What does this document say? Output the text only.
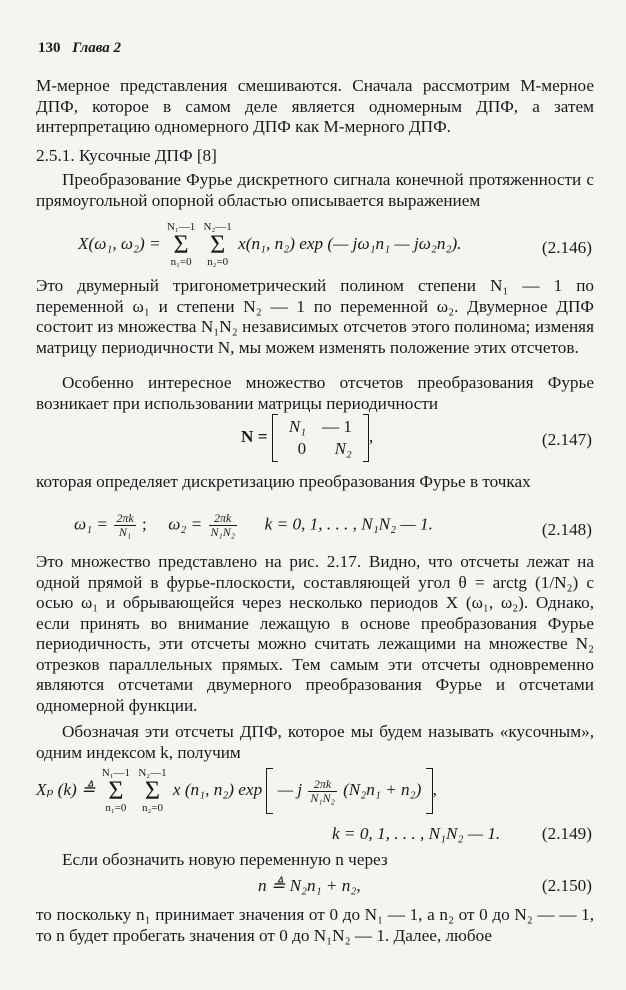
130 Глава 2

М-мерное представления смешиваются. Сначала рассмотрим М-мерное ДПФ, которое в самом деле является одномерным ДПФ, а затем интерпретацию одномерного ДПФ как М-мерного ДПФ.

2.5.1. Кусочные ДПФ [8]

Преобразование Фурье дискретного сигнала конечной протяженности с прямоугольной опорной областью описывается выражением

X(ω₁, ω₂) = N₁—1
Σ
n₁=0 N₂—1
Σ
n₂=0 x(n₁, n₂) exp (— jω₁n₁ — jω₂n₂).	(2.146)

Это двумерный тригонометрический полином степени N₁ — 1 по переменной ω₁ и степени N₂ — 1 по переменной ω₂. Двумерное ДПФ состоит из множества N₁N₂ независимых отсчетов этого полинома; изменяя матрицу периодичности N, мы можем изменять положение этих отсчетов.

Особенно интересное множество отсчетов преобразования Фурье возникает при использовании матрицы периодичности

N =
N₁	— 1
0	N₂
,	(2.147)

которая определяет дискретизацию преобразования Фурье в точках

$\omega_1 = \frac{2\pi k}{\text{N₁}}$ ; $\omega_2 = \frac{2\pi k}{\text{N₁N₂}}$ k = 0, 1, . . . , N₁N₂ — 1.	(2.148)

Это множество представлено на рис. 2.17. Видно, что отсчеты лежат на одной прямой в фурье-плоскости, составляющей угол θ = arctg (1/N₂) с осью ω₁ и обрывающейся через несколько периодов X (ω₁, ω₂). Однако, если принять во внимание лежащую в основе преобразования Фурье периодичность, эти отсчеты можно считать лежащими на множестве N₂ отрезков параллельных прямых. Тем самым эти отсчеты одновременно являются отсчетами двумерного преобразования Фурье и отсчетами одномерной функции.

Обозначая эти отсчеты ДПФ, которое мы будем называть «кусочным», одним индексом k, получим

Xₚ (k) ≜ N₁—1
Σ
n₁=0 N₂—1
Σ
n₂=0 x (n₁, n₂) exp — j $\frac{2\pi k}{\text{N₁N₂}} (N_2n_1 + n_2)$ ,
k = 0, 1, . . . , N₁N₂ — 1. (2.149)

Если обозначить новую переменную n через

n ≜ N₂n₁ + n₂,	(2.150)

то поскольку n₁ принимает значения от 0 до N₁ — 1, а n₂ от 0 до N₂ — — 1, то n будет пробегать значения от 0 до N₁N₂ — 1. Далее, любое
